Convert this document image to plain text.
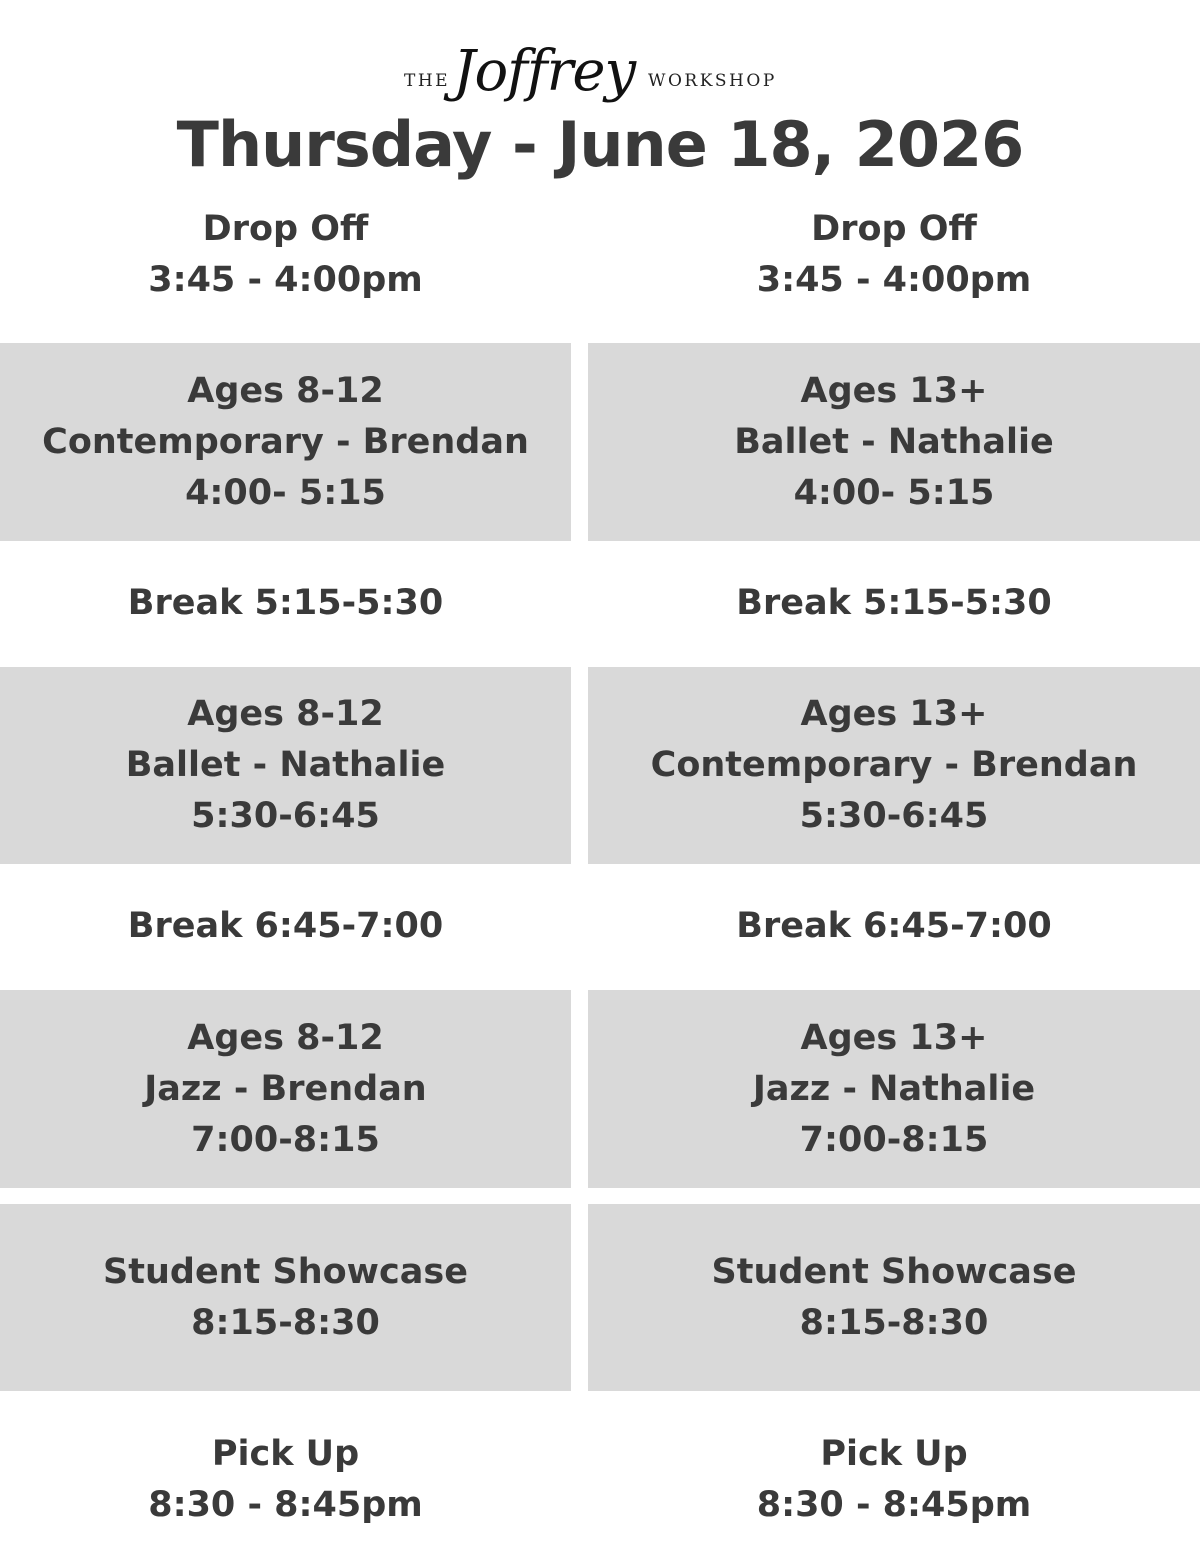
THE Joffrey WORKSHOP
Thursday - June 18, 2026
Drop Off
3:45 - 4:00pm
Drop Off
3:45 - 4:00pm
Ages 8-12
Contemporary - Brendan
4:00- 5:15
Ages 13+
Ballet - Nathalie
4:00- 5:15
Break 5:15-5:30	Break 5:15-5:30
Ages 8-12
Ballet - Nathalie
5:30-6:45
Ages 13+
Contemporary - Brendan
5:30-6:45
Break 6:45-7:00	Break 6:45-7:00
Ages 8-12
Jazz - Brendan
7:00-8:15
Ages 13+
Jazz - Nathalie
7:00-8:15
Student Showcase
8:15-8:30
Student Showcase
8:15-8:30
Pick Up
8:30 - 8:45pm
Pick Up
8:30 - 8:45pm
